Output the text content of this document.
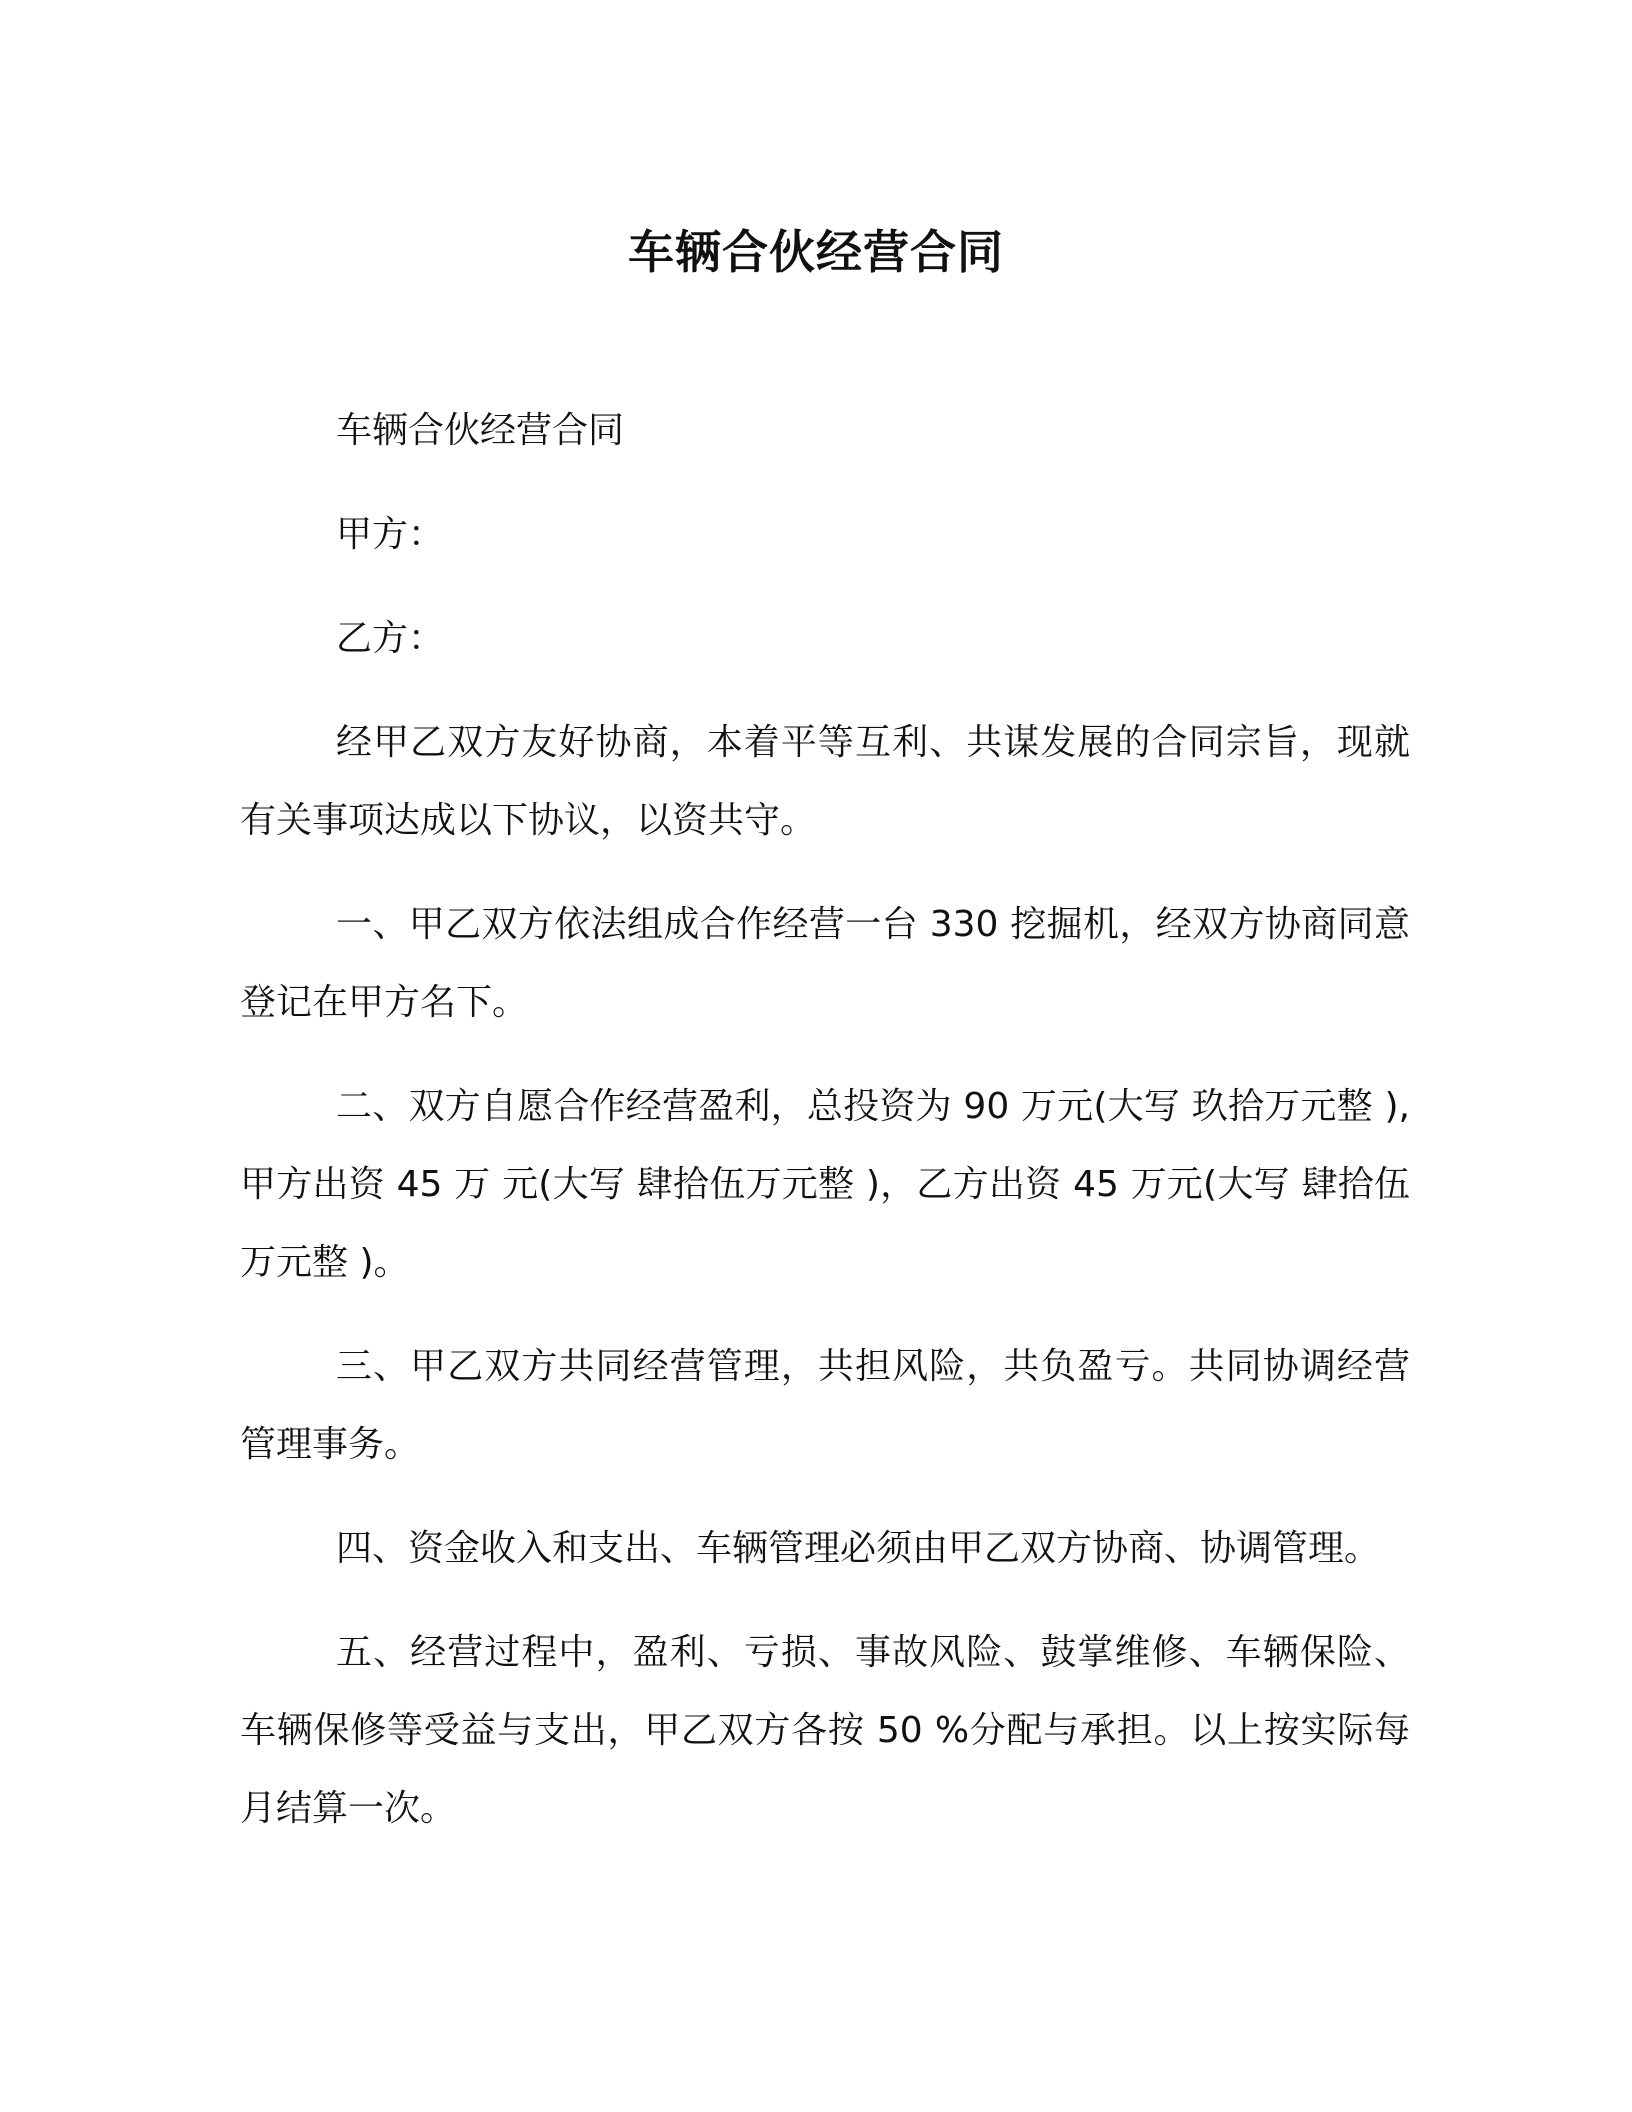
车辆合伙经营合同

车辆合伙经营合同

甲方：

乙方：

经甲乙双方友好协商，本着平等互利、共谋发展的合同宗旨，现就有关事项达成以下协议，以资共守。

一、甲乙双方依法组成合作经营一台 330 挖掘机，经双方协商同意登记在甲方名下。

二、双方自愿合作经营盈利，总投资为 90 万元(大写 玖拾万元整 ),甲方出资 45 万 元(大写 肆拾伍万元整 )，乙方出资 45 万元(大写 肆拾伍万元整 )。

三、甲乙双方共同经营管理，共担风险，共负盈亏。共同协调经营管理事务。

四、资金收入和支出、车辆管理必须由甲乙双方协商、协调管理。

五、经营过程中，盈利、亏损、事故风险、鼓掌维修、车辆保险、车辆保修等受益与支出，甲乙双方各按 50 %分配与承担。以上按实际每月结算一次。
